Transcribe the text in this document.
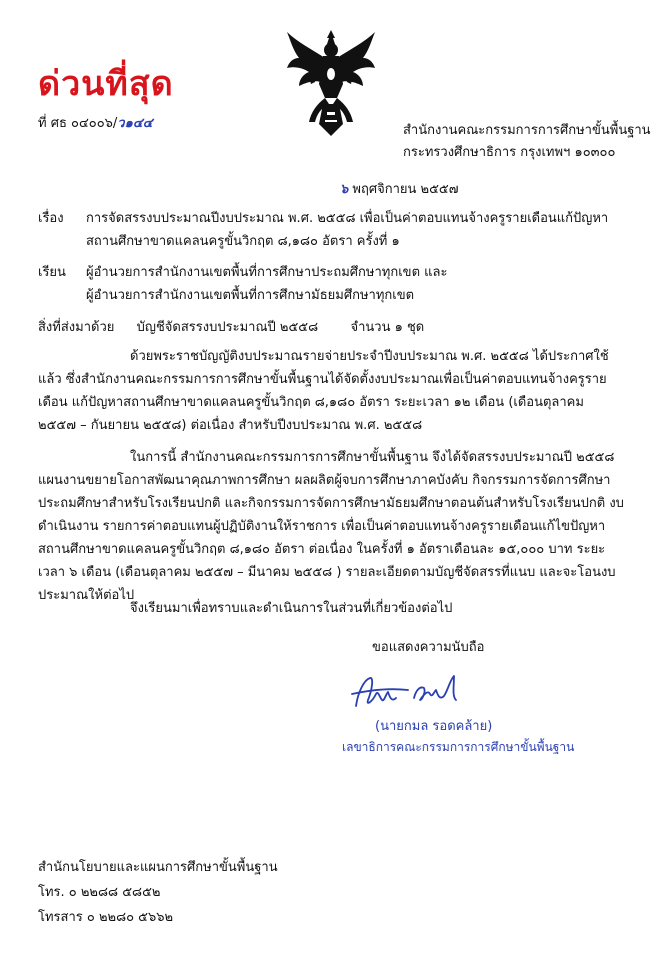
ด่วนที่สุด
ที่ ศธ ๐๔๐๐๖/ว๑๔๔	สำนักงานคณะกรรมการการศึกษาขั้นพื้นฐาน
กระทรวงศึกษาธิการ กรุงเทพฯ ๑๐๓๐๐
๖ พฤศจิกายน ๒๕๕๗

เรื่อง การจัดสรรงบประมาณปีงบประมาณ พ.ศ. ๒๕๕๘ เพื่อเป็นค่าตอบแทนจ้างครูรายเดือนแก้ปัญหา

สถานศึกษาขาดแคลนครูขั้นวิกฤต ๘,๑๘๐ อัตรา ครั้งที่ ๑

เรียน ผู้อำนวยการสำนักงานเขตพื้นที่การศึกษาประถมศึกษาทุกเขต และ

ผู้อำนวยการสำนักงานเขตพื้นที่การศึกษามัธยมศึกษาทุกเขต

สิ่งที่ส่งมาด้วย บัญชีจัดสรรงบประมาณปี ๒๕๕๘ จำนวน ๑ ชุด

ด้วยพระราชบัญญัติงบประมาณรายจ่ายประจำปีงบประมาณ พ.ศ. ๒๕๕๘ ได้ประกาศใช้แล้ว ซึ่งสำนักงานคณะกรรมการการศึกษาขั้นพื้นฐานได้จัดตั้งงบประมาณเพื่อเป็นค่าตอบแทนจ้างครูรายเดือน แก้ปัญหาสถานศึกษาขาดแคลนครูขั้นวิกฤต ๘,๑๘๐ อัตรา ระยะเวลา ๑๒ เดือน (เดือนตุลาคม ๒๕๕๗ – กันยายน ๒๕๕๘) ต่อเนื่อง สำหรับปีงบประมาณ พ.ศ. ๒๕๕๘

ในการนี้ สำนักงานคณะกรรมการการศึกษาขั้นพื้นฐาน จึงได้จัดสรรงบประมาณปี ๒๕๕๘ แผนงานขยายโอกาสพัฒนาคุณภาพการศึกษา ผลผลิตผู้จบการศึกษาภาคบังคับ กิจกรรมการจัดการศึกษาประถมศึกษาสำหรับโรงเรียนปกติ และกิจกรรมการจัดการศึกษามัธยมศึกษาตอนต้นสำหรับโรงเรียนปกติ งบดำเนินงาน รายการค่าตอบแทนผู้ปฏิบัติงานให้ราชการ เพื่อเป็นค่าตอบแทนจ้างครูรายเดือนแก้ไขปัญหาสถานศึกษาขาดแคลนครูขั้นวิกฤต ๘,๑๘๐ อัตรา ต่อเนื่อง ในครั้งที่ ๑ อัตราเดือนละ ๑๕,๐๐๐ บาท ระยะเวลา ๖ เดือน (เดือนตุลาคม ๒๕๕๗ – มีนาคม ๒๕๕๘ ) รายละเอียดตามบัญชีจัดสรรที่แนบ และจะโอนงบประมาณให้ต่อไป

จึงเรียนมาเพื่อทราบและดำเนินการในส่วนที่เกี่ยวข้องต่อไป

ขอแสดงความนับถือ
(นายกมล รอดคล้าย)
เลขาธิการคณะกรรมการการศึกษาขั้นพื้นฐาน
สำนักนโยบายและแผนการศึกษาขั้นพื้นฐาน
โทร. ๐ ๒๒๘๘ ๕๘๕๒
โทรสาร ๐ ๒๒๘๐ ๕๖๖๒
